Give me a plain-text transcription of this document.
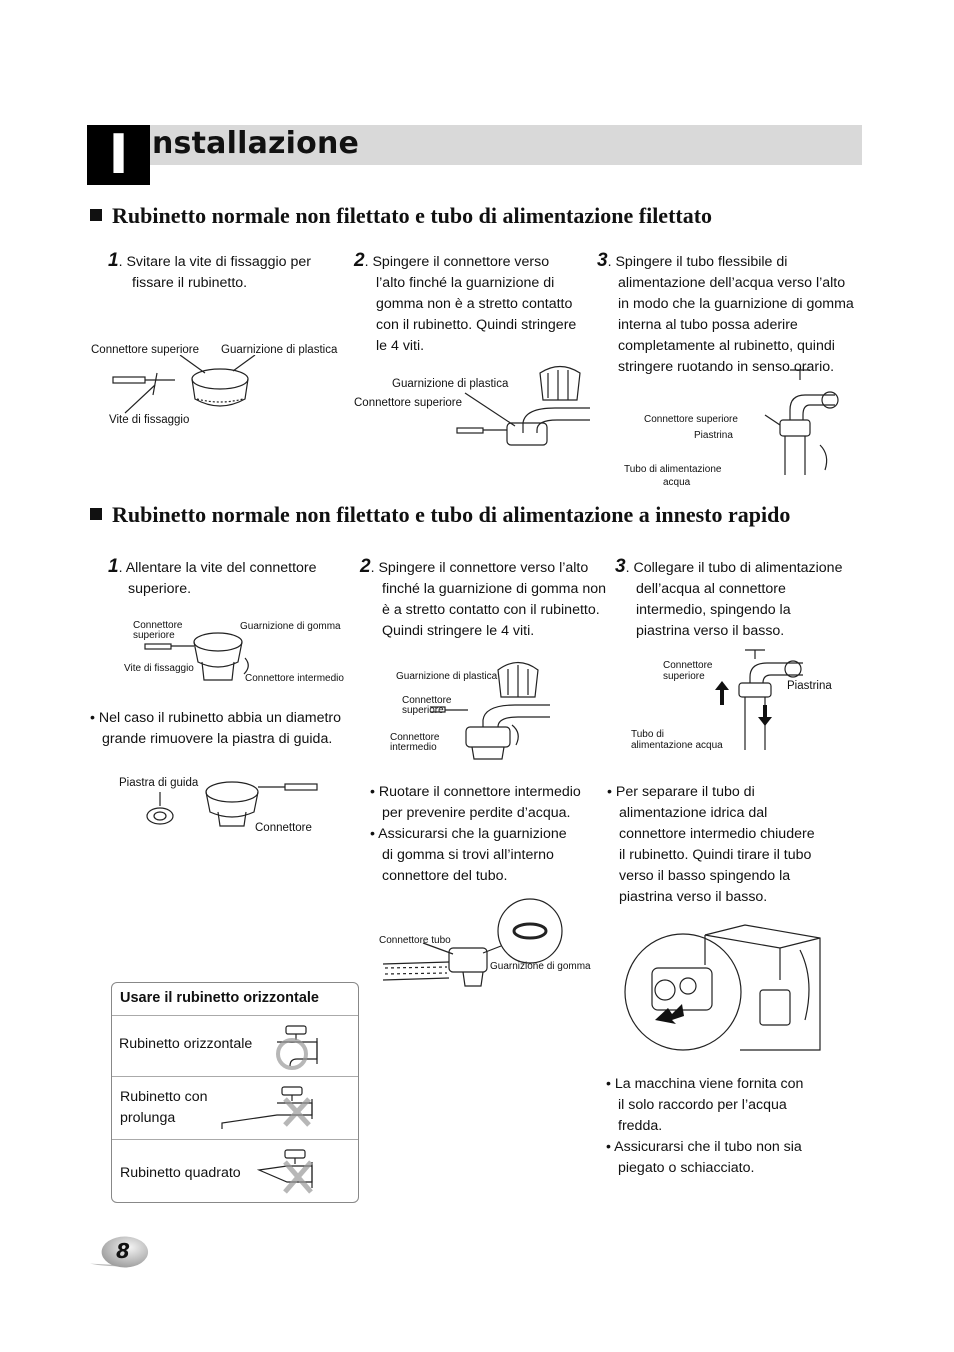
I nstallazione
Rubinetto normale non filettato e tubo di alimentazione filettato
1. Svitare la vite di fissaggio per
fissare il rubinetto.
2. Spingere il connettore verso
l’alto finché la guarnizione di
gomma non è a stretto contatto
con il rubinetto. Quindi stringere
le 4 viti.
3. Spingere il tubo flessibile di
alimentazione dell’acqua verso l’alto
in modo che la guarnizione di gomma
interna al tubo possa aderire
completamente al rubinetto, quindi
stringere ruotando in senso orario.
Connettore superiore Guarnizione di plastica
Vite di fissaggio
Guarnizione di plastica
Connettore superiore
Connettore superiore
Piastrina
Tubo di alimentazione
acqua
Rubinetto normale non filettato e tubo di alimentazione a innesto rapido
1. Allentare la vite del connettore
superiore.
2. Spingere il connettore verso l’alto
finché la guarnizione di gomma non
è a stretto contatto con il rubinetto.
Quindi stringere le 4 viti.
3. Collegare il tubo di alimentazione
dell’acqua al connettore
intermedio, spingendo la
piastrina verso il basso.
Connettore
superiore
Guarnizione di gomma
Vite di fissaggio
Connettore intermedio	Guarnizione di plastica
Connettore
superiore
Connettore
intermedio
Connettore
superiore
Piastrina
Tubo di
alimentazione acqua
• Nel caso il rubinetto abbia un diametro
grande rimuovere la piastra di guida.
Piastra di guida
Connettore
• Ruotare il connettore intermedio
per prevenire perdite d’acqua.
• Assicurarsi che la guarnizione
di gomma si trovi all’interno
connettore del tubo.
Connettore tubo
Guarnizione di gomma
• Per separare il tubo di
alimentazione idrica dal
connettore intermedio chiudere
il rubinetto. Quindi tirare il tubo
verso il basso spingendo la
piastrina verso il basso.
• La macchina viene fornita con
il solo raccordo per l’acqua
fredda.
• Assicurarsi che il tubo non sia
piegato o schiacciato.
Usare il rubinetto orizzontale
Rubinetto orizzontale
Rubinetto con
prolunga
Rubinetto quadrato
8
